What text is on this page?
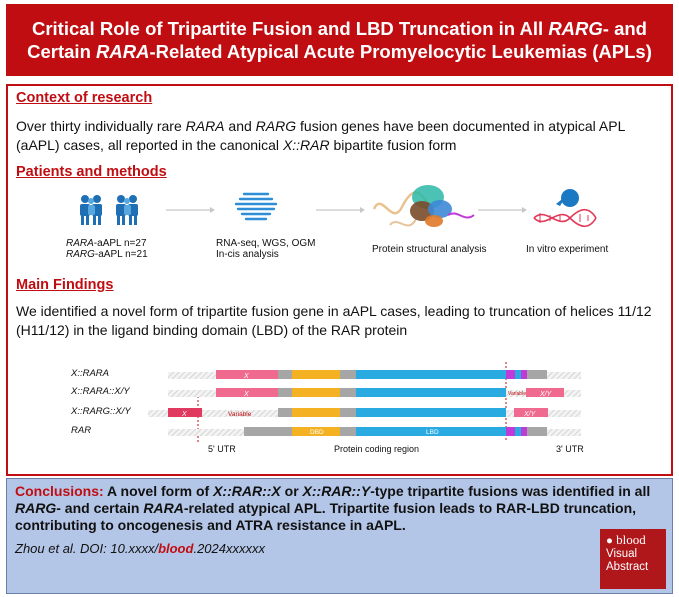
Critical Role of Tripartite Fusion and LBD Truncation in All RARG- and
Certain RARA-Related Atypical Acute Promyelocytic Leukemias (APLs)
Context of research
Over thirty individually rare RARA and RARG fusion genes have been documented in atypical APL (aAPL) cases, all reported in the canonical X::RAR bipartite fusion form
Patients and methods
RARA-aAPL n=27
RARG-aAPL n=21
RNA-seq, WGS, OGM
In-cis analysis	Protein structural analysis	In vitro experiment
Main Findings
We identified a novel form of tripartite fusion gene in aAPL cases, leading to truncation of helices 11/12 (H11/12) in the ligand binding domain (LBD) of the RAR protein
X::RARA
X::RARA::X/Y
X::RARG::X/Y
RAR
X
X	Variable X/Y
X	Variable	X/Y
DBD	LBD
5' UTR	Protein coding region	3' UTR
Conclusions: A novel form of X::RAR::X or X::RAR::Y-type tripartite fusions was identified in all RARG- and certain RARA-related atypical APL. Tripartite fusion leads to RAR-LBD truncation, contributing to oncogenesis and ATRA resistance in aAPL.
Zhou et al. DOI: 10.xxxx/blood.2024xxxxxx	● blood
Visual
Abstract
